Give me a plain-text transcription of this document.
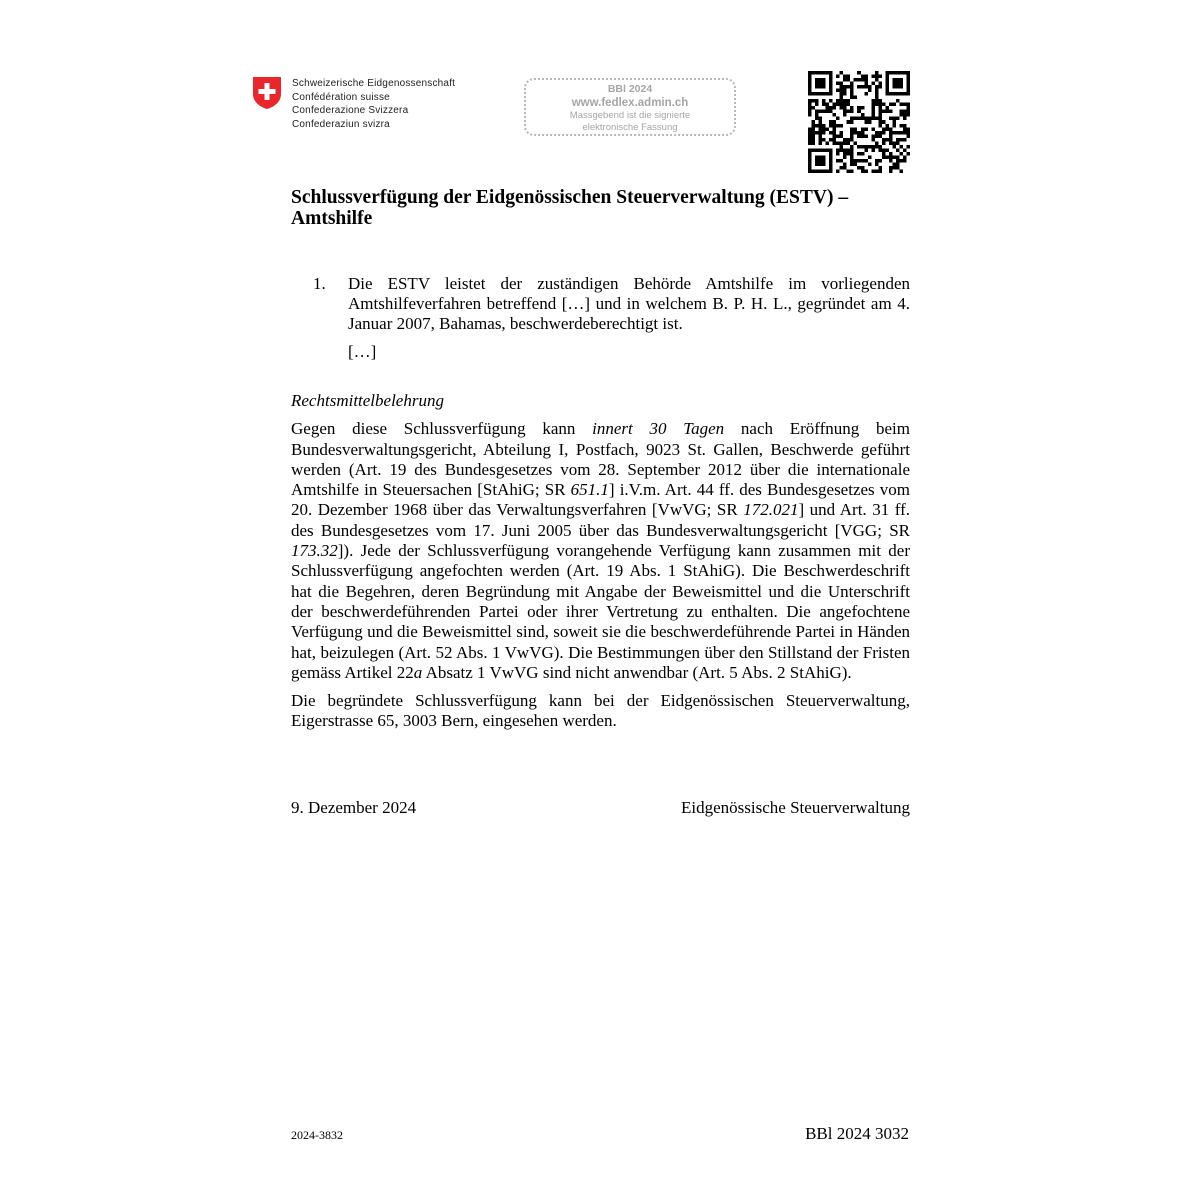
Schweizerische Eidgenossenschaft
Confédération suisse
Confederazione Svizzera
Confederaziun svizra
BBl 2024
www.fedlex.admin.ch
Massgebend ist die signierte
elektronische Fassung
Schlussverfügung der Eidgenössischen Steuerverwaltung (ESTV) –
Amtshilfe
1. Die ESTV leistet der zuständigen Behörde Amtshilfe im vorliegenden Amtshilfeverfahren betreffend […] und in welchem B. P. H. L., gegründet am 4. Januar 2007, Bahamas, beschwerdeberechtigt ist.
[…]
Rechtsmittelbelehrung

Gegen diese Schlussverfügung kann innert 30 Tagen nach Eröffnung beim Bundesverwaltungsgericht, Abteilung I, Postfach, 9023 St. Gallen, Beschwerde geführt werden (Art. 19 des Bundesgesetzes vom 28. September 2012 über die internationale Amtshilfe in Steuersachen [StAhiG; SR 651.1] i.V.m. Art. 44 ff. des Bundesgesetzes vom 20. Dezember 1968 über das Verwaltungsverfahren [VwVG; SR 172.021] und Art. 31 ff. des Bundesgesetzes vom 17. Juni 2005 über das Bundesverwaltungsgericht [VGG; SR 173.32]). Jede der Schlussverfügung vorangehende Verfügung kann zusammen mit der Schlussverfügung angefochten werden (Art. 19 Abs. 1 StAhiG). Die Beschwerdeschrift hat die Begehren, deren Begründung mit Angabe der Beweismittel und die Unterschrift der beschwerdeführenden Partei oder ihrer Vertretung zu enthalten. Die angefochtene Verfügung und die Beweismittel sind, soweit sie die beschwerdeführende Partei in Händen hat, beizulegen (Art. 52 Abs. 1 VwVG). Die Bestimmungen über den Stillstand der Fristen gemäss Artikel 22a Absatz 1 VwVG sind nicht anwendbar (Art. 5 Abs. 2 StAhiG).

Die begründete Schlussverfügung kann bei der Eidgenössischen Steuerverwaltung, Eigerstrasse 65, 3003 Bern, eingesehen werden.

9. Dezember 2024	Eidgenössische Steuerverwaltung
2024-3832	BBl 2024 3032
